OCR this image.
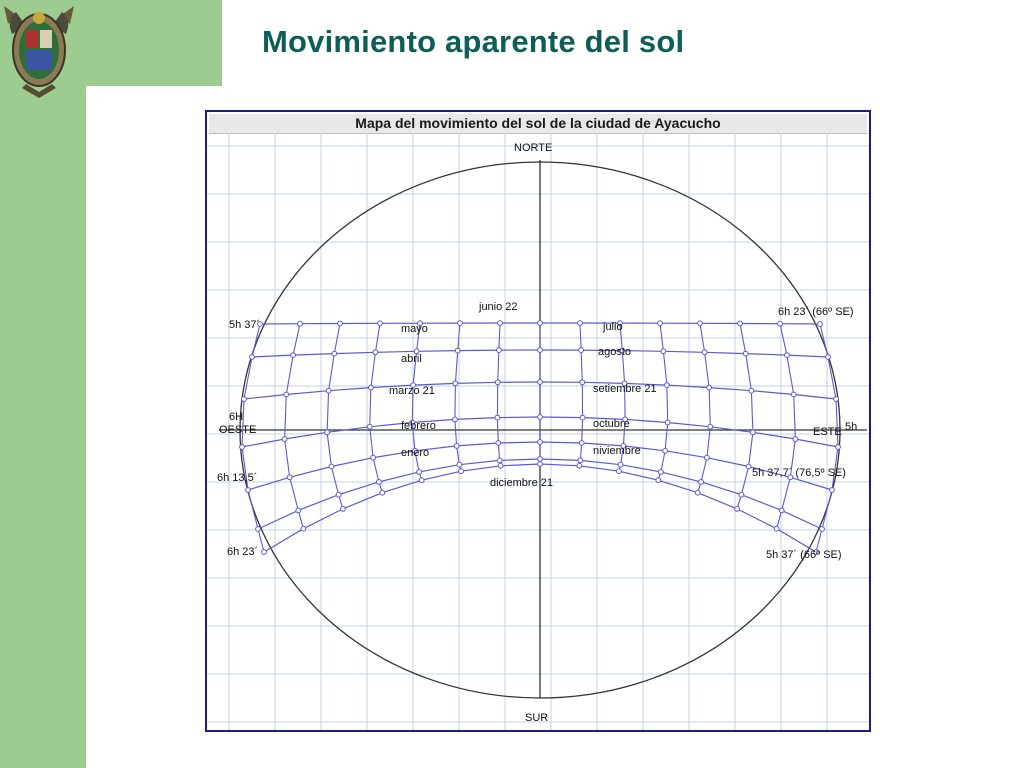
Movimiento aparente del sol
Mapa del movimiento del sol de la ciudad de Ayacucho
NORTE
SUR
OESTE	ESTE
junio 22
mayo	julio
abril
agosto
marzo 21	setiembre 21
febrero	octubre
enero	niviembre
diciembre 21
5h 37´
6H
6h 13,5´
6h 23´
6h 23´ (66º SE)
5h
5h 37,7´ (76,5º SE)
5h 37´ (66º SE)
